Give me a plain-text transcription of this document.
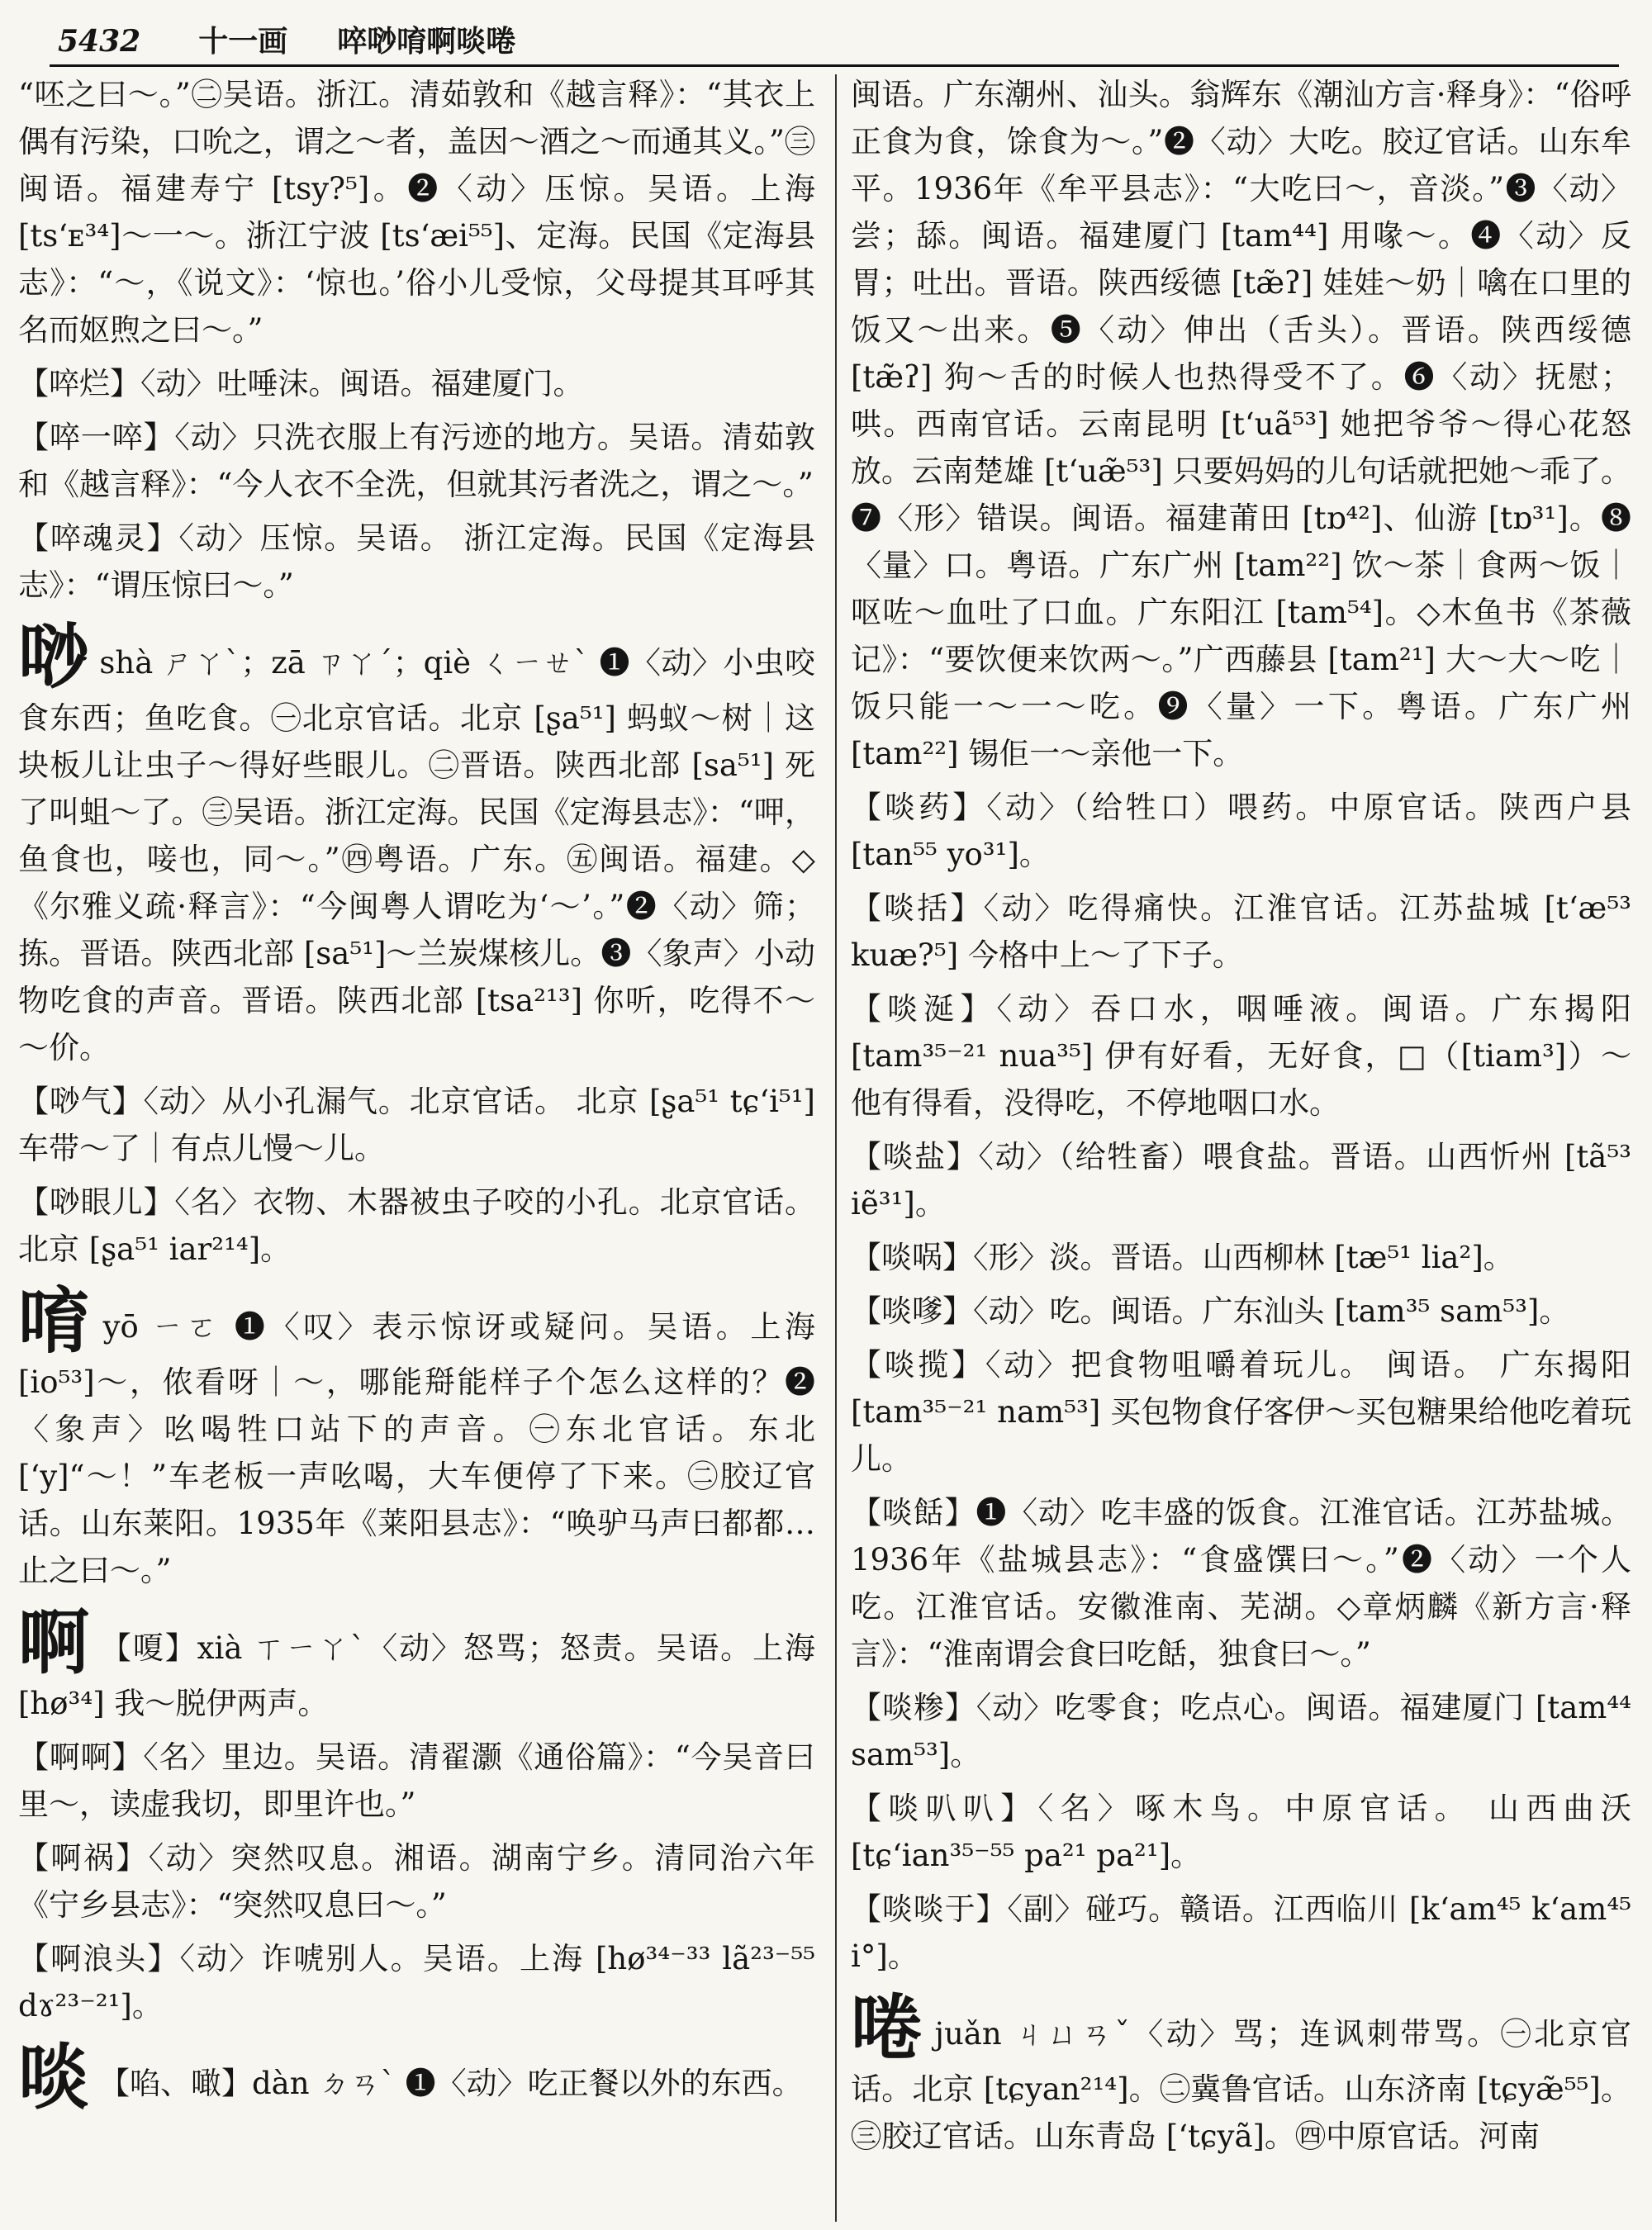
5432 十一画 啐唦唷啊啖啳

“呸之曰～。”㊁吴语。浙江。清茹敦和《越言释》：“其衣上偶有污染，口吮之，谓之～者，盖因～酒之～而通其义。”㊂闽语。福建寿宁 [tsy?⁵]。❷〈动〉压惊。吴语。上海 [ts‘ᴇ³⁴]～一～。浙江宁波 [ts‘æi⁵⁵]、定海。民国《定海县志》：“～，《说文》：‘惊也。’俗小儿受惊，父母提其耳呼其名而妪煦之曰～。”

【啐烂】〈动〉吐唾沫。闽语。福建厦门。

【啐一啐】〈动〉只洗衣服上有污迹的地方。吴语。清茹敦和《越言释》：“今人衣不全洗，但就其污者洗之，谓之～。”

【啐魂灵】〈动〉压惊。吴语。 浙江定海。民国《定海县志》：“谓压惊曰～。”

唦shà ㄕㄚˋ；zā ㄗㄚˊ；qiè ㄑㄧㄝˋ ❶〈动〉小虫咬食东西；鱼吃食。㊀北京官话。北京 [ʂa⁵¹] 蚂蚁～树｜这块板儿让虫子～得好些眼儿。㊁晋语。陕西北部 [sa⁵¹] 死了叫蛆～了。㊂吴语。浙江定海。民国《定海县志》：“呷，鱼食也，唼也，同～。”㊃粤语。广东。㊄闽语。福建。◇《尔雅义疏·释言》：“今闽粤人谓吃为‘～’。”❷〈动〉筛；拣。晋语。陕西北部 [sa⁵¹]～兰炭煤核儿。❸〈象声〉小动物吃食的声音。晋语。陕西北部 [tsa²¹³] 你听，吃得不～～价。

【唦气】〈动〉从小孔漏气。北京官话。 北京 [ʂa⁵¹ tɕ‘i⁵¹] 车带～了｜有点儿慢～儿。

【唦眼儿】〈名〉衣物、木器被虫子咬的小孔。北京官话。北京 [ʂa⁵¹ iar²¹⁴]。

唷yō ㄧㄛ ❶〈叹〉表示惊讶或疑问。吴语。上海 [io⁵³]～，侬看呀｜～，哪能搿能样子个怎么这样的？❷〈象声〉吆喝牲口站下的声音。㊀东北官话。东北 [‘y]“～！”车老板一声吆喝，大车便停了下来。㊁胶辽官话。山东莱阳。1935年《莱阳县志》：“唤驴马声曰都都…止之曰～。”

啊 【嗄】xià ㄒㄧㄚˋ〈动〉怒骂；怒责。吴语。上海 [hø³⁴] 我～脱伊两声。

【啊啊】〈名〉里边。吴语。清翟灏《通俗篇》：“今吴音曰里～，读虚我切，即里许也。”

【啊祸】〈动〉突然叹息。湘语。湖南宁乡。清同治六年《宁乡县志》：“突然叹息曰～。”

【啊浪头】〈动〉诈唬别人。吴语。上海 [hø³⁴⁻³³ lã²³⁻⁵⁵ dɤ²³⁻²¹]。

啖 【啗、噉】dàn ㄉㄢˋ ❶〈动〉吃正餐以外的东西。

闽语。广东潮州、汕头。翁辉东《潮汕方言·释身》：“俗呼正食为食，馀食为～。”❷〈动〉大吃。胶辽官话。山东牟平。1936年《牟平县志》：“大吃曰～，音淡。”❸〈动〉尝；舔。闽语。福建厦门 [tam⁴⁴] 用喙～。❹〈动〉反胃；吐出。晋语。陕西绥德 [tæ̃ʔ] 娃娃～奶｜噙在口里的饭又～出来。❺〈动〉伸出（舌头）。晋语。陕西绥德 [tæ̃ʔ] 狗～舌的时候人也热得受不了。❻〈动〉抚慰；哄。西南官话。云南昆明 [t‘uã⁵³] 她把爷爷～得心花怒放。云南楚雄 [t‘uæ̃⁵³] 只要妈妈的儿句话就把她～乖了。❼〈形〉错误。闽语。福建莆田 [tɒ⁴²]、仙游 [tɒ³¹]。❽〈量〉口。粤语。广东广州 [tam²²] 饮～茶｜食两～饭｜呕咗～血吐了口血。广东阳江 [tam⁵⁴]。◇木鱼书《茶薇记》：“要饮便来饮两～。”广西藤县 [tam²¹] 大～大～吃｜饭只能一～一～吃。❾〈量〉一下。粤语。广东广州 [tam²²] 锡佢一～亲他一下。

【啖药】〈动〉（给牲口）喂药。中原官话。陕西户县 [tan⁵⁵ yo³¹]。

【啖括】〈动〉吃得痛快。江淮官话。江苏盐城 [t‘æ⁵³ kuæ?⁵] 今格中上～了下子。

【啖涎】〈动〉吞口水，咽唾液。闽语。广东揭阳 [tam³⁵⁻²¹ nua³⁵] 伊有好看，无好食，□（[tiam³]）～他有得看，没得吃，不停地咽口水。

【啖盐】〈动〉（给牲畜）喂食盐。晋语。山西忻州 [tã⁵³ iẽ³¹]。

【啖㖞】〈形〉淡。晋语。山西柳林 [tæ⁵¹ lia²]。

【啖嗲】〈动〉吃。闽语。广东汕头 [tam³⁵ sam⁵³]。

【啖揽】〈动〉把食物咀嚼着玩儿。 闽语。 广东揭阳 [tam³⁵⁻²¹ nam⁵³] 买包物食仔客伊～买包糖果给他吃着玩儿。

【啖餂】❶〈动〉吃丰盛的饭食。江淮官话。江苏盐城。1936年《盐城县志》：“食盛馔曰～。”❷〈动〉一个人吃。江淮官话。安徽淮南、芜湖。◇章炳麟《新方言·释言》：“淮南谓会食曰吃餂，独食曰～。”

【啖糁】〈动〉吃零食；吃点心。闽语。福建厦门 [tam⁴⁴ sam⁵³]。

【啖叭叭】〈名〉啄木鸟。中原官话。 山西曲沃 [tɕ‘ian³⁵⁻⁵⁵ pa²¹ pa²¹]。

【啖啖于】〈副〉碰巧。赣语。江西临川 [k‘am⁴⁵ k‘am⁴⁵ i°]。

啳juǎn ㄐㄩㄢˇ〈动〉骂；连讽刺带骂。㊀北京官话。北京 [tɕyan²¹⁴]。㊁冀鲁官话。山东济南 [tɕyæ̃⁵⁵]。㊂胶辽官话。山东青岛 [‘tɕyã]。㊃中原官话。河南
